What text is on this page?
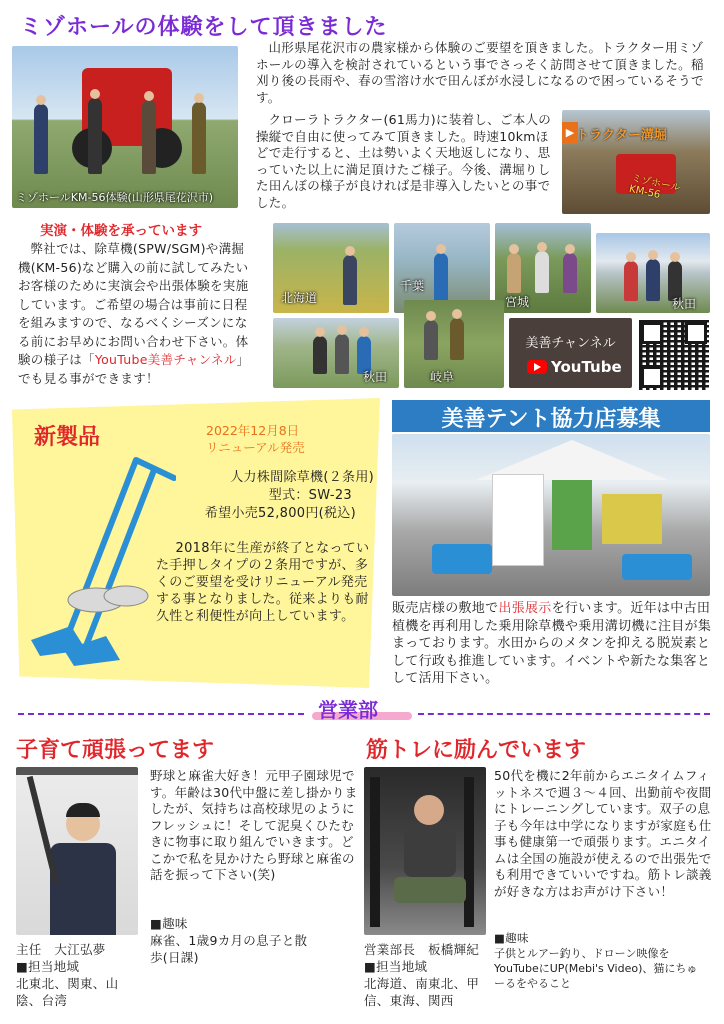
ミゾホールの体験をして頂きました
ミゾホールKM-56体験(山形県尾花沢市)
山形県尾花沢市の農家様から体験のご要望を頂きました。トラクター用ミゾホールの導入を検討されているという事でさっそく訪問させて頂きました。稲刈り後の長雨や、春の雪溶け水で田んぼが水浸しになるので困っているそうです。
クローラトラクター(61馬力)に装着し、ご本人の操縦で自由に使ってみて頂きました。時速10kmほどで走行すると、土は勢いよく天地返しになり、思っていた以上に満足頂けたご様子。今後、溝堀りした田んぼの様子が良ければ是非導入したいとの事でした。
▶ トラクター溝堀
ミゾホール KM-56
実演・体験を承っています
弊社では、除草機(SPW/SGM)や溝掘機(KM-56)など購入の前に試してみたいお客様のために実演会や出張体験を実施しています。ご希望の場合は事前に日程を組みますので、なるべくシーズンになる前にお早めにお問い合わせ下さい。体験の様子は「YouTube美善チャンネル」でも見る事ができます！
北海道
千葉
宮城	秋田
秋田	岐阜
美善チャンネル
YouTube
新製品	2022年12月8日
リニューアル発売
人力株間除草機(２条用)
型式：SW-23
希望小売52,800円(税込)
2018年に生産が終了となっていた手押しタイプの２条用ですが、多くのご要望を受けリニューアル発売する事となりました。従来よりも耐久性と利便性が向上しています。
美善テント協力店募集
販売店様の敷地で出張展示を行います。近年は中古田植機を再利用した乗用除草機や乗用溝切機に注目が集まっております。水田からのメタンを抑える脱炭素として行政も推進しています。イベントや新たな集客として活用下さい。
営業部
子育て頑張ってます
野球と麻雀大好き！元甲子園球児です。年齢は30代中盤に差し掛かりましたが、気持ちは高校球児のようにフレッシュに！そして泥臭くひたむきに物事に取り組んでいきます。どこかで私を見かけたら野球と麻雀の話を振って下さい(笑)
■趣味
麻雀、1歳9カ月の息子と散歩(日課)
主任　大江弘夢
■担当地域
北東北、関東、山陰、台湾
筋トレに励んでいます
50代を機に2年前からエニタイムフィットネスで週３～４回、出勤前や夜間にトレーニングしています。双子の息子も今年は中学になりますが家庭も仕事も健康第一で頑張ります。エニタイムは全国の施設が使えるので出張先でも利用できていいですね。筋トレ談義が好きな方はお声がけ下さい！
■趣味
子供とルアー釣り、ドローン映像をYouTubeにUP(Mebi's Video)、猫にちゅーるをやること
営業部長　板橋輝紀
■担当地域
北海道、南東北、甲信、東海、関西
